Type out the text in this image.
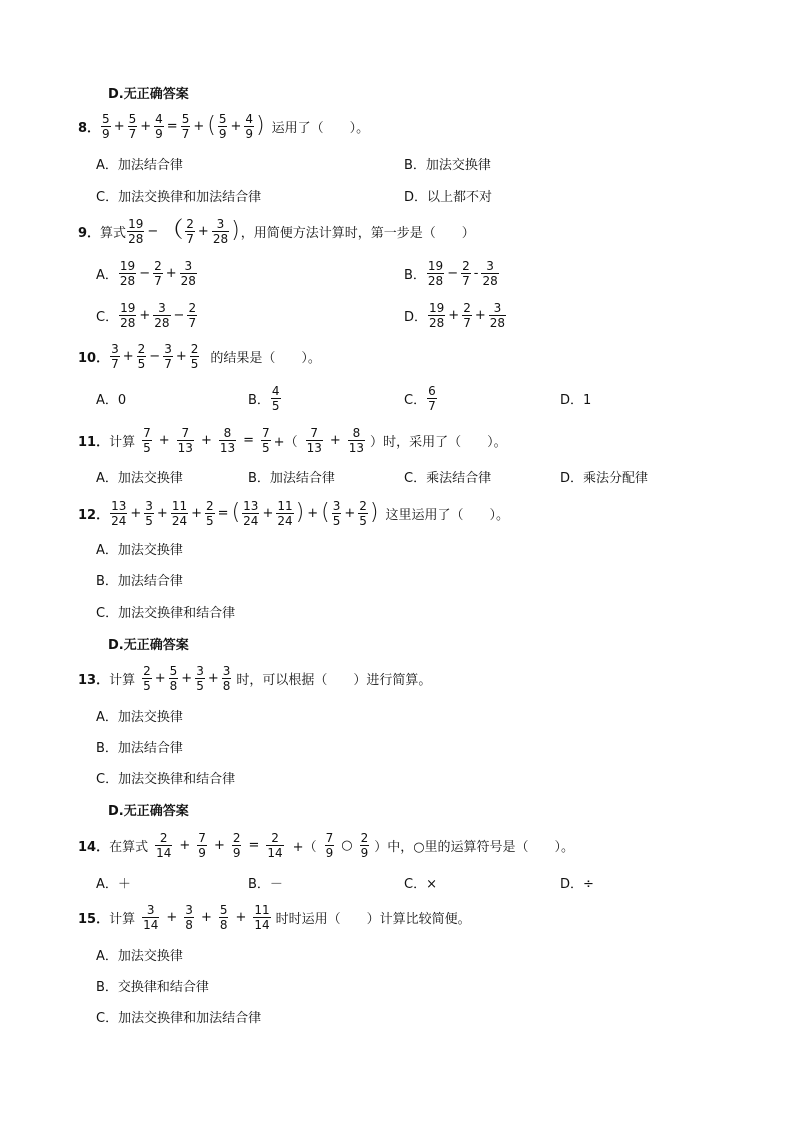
D.无正确答案
8． $\frac{5}{9} + \frac{5}{7} + \frac{4}{9} = \frac{5}{7}$ + ( $\frac{5}{9} + \frac{4}{9}$ ) 运用了（　　）。
A．加法结合律	B．加法交换律
C．加法交换律和加法结合律	D．以上都不对
9． 算式 $\frac{19}{28}$ − （ $\frac{2}{7} + \frac{3}{28}$ ) ，用简便方法计算时，第一步是（　　）
A． $\frac{19}{28} - \frac{2}{7} + \frac{3}{28}$	B． $\frac{19}{28} - \frac{2}{7} - \frac{3}{28}$
C． $\frac{19}{28} + \frac{3}{28} - \frac{2}{7}$	D． $\frac{19}{28} + \frac{2}{7} + \frac{3}{28}$
10． $\frac{3}{7} + \frac{2}{5} - \frac{3}{7} + \frac{2}{5}$ 的结果是（　　）。
A．0	B． $\frac{4}{5}$	C． $\frac{6}{7}$	D．1
11． 计算 $\frac{7}{5} + \frac{7}{13} + \frac{8}{13} = \frac{7}{5}$ +（ $\frac{7}{13} + \frac{8}{13}$ ） 时，采用了（　　）。
A．加法交换律	B．加法结合律	C．乘法结合律	D．乘法分配律
12． $\frac{13}{24} + \frac{3}{5} + \frac{11}{24} + \frac{2}{5}$ = ( $\frac{13}{24} + \frac{11}{24}$ ) + ( $\frac{3}{5} + \frac{2}{5}$ ) 这里运用了（　　）。
A．加法交换律
B．加法结合律
C．加法交换律和结合律
D.无正确答案
13． 计算 $\frac{2}{5} + \frac{5}{8} + \frac{3}{5} + \frac{3}{8}$ 时，可以根据（　　）进行简算。
A．加法交换律
B．加法结合律
C．加法交换律和结合律
D.无正确答案
14． 在算式 $\frac{2}{14} + \frac{7}{9} + \frac{2}{9} = \frac{2}{14}$ +（ $\frac{7}{9}$ ○ $\frac{2}{9}$ ）中，○里的运算符号是（　　）。
A．＋	B．－	C．×	D．÷
15． 计算 $\frac{3}{14} + \frac{3}{8} + \frac{5}{8} + \frac{11}{14}$ 时时运用（　　）计算比较简便。
A．加法交换律
B．交换律和结合律
C．加法交换律和加法结合律
